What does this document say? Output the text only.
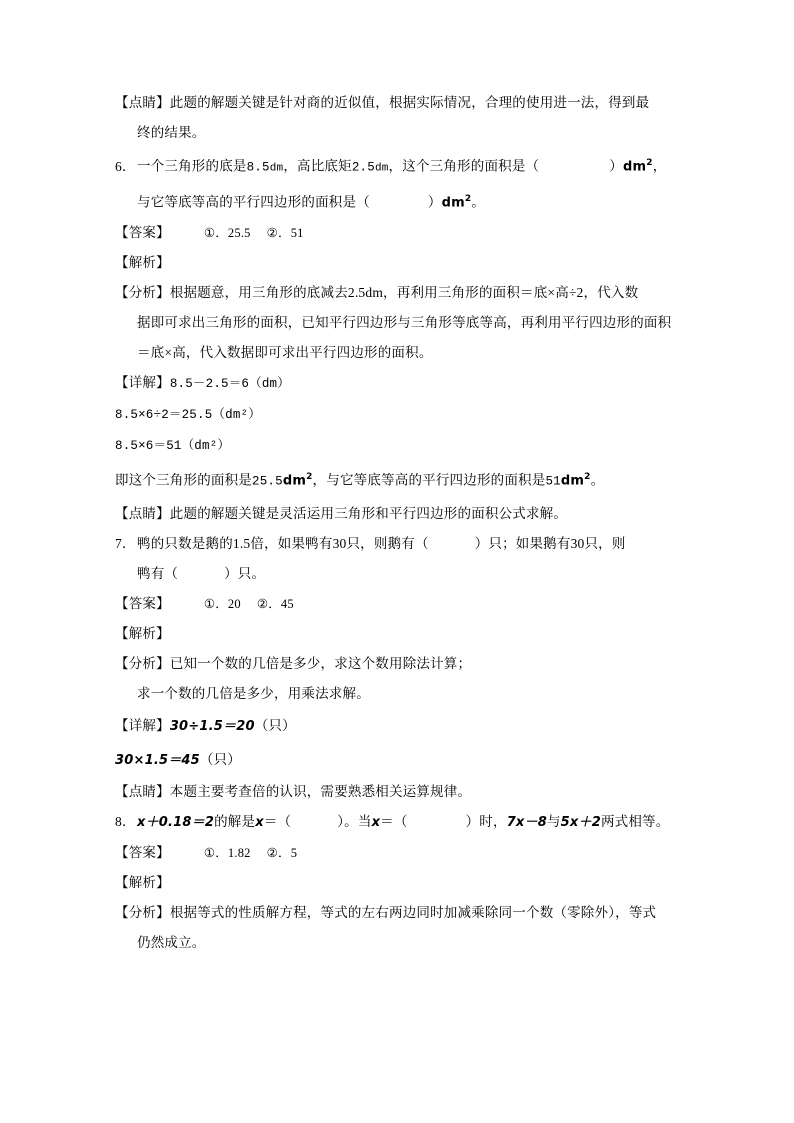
【点睛】此题的解题关键是针对商的近似值，根据实际情况，合理的使用进一法，得到最
终的结果。
6．一个三角形的底是8.5dm，高比底矩2.5dm，这个三角形的面积是（	）$dm^2$，
与它等底等高的平行四边形的面积是（	）$dm^2$。
【答案】	①．25.5 ②．51
【解析】
【分析】根据题意，用三角形的底减去2.5dm，再利用三角形的面积＝底×高÷2，代入数
据即可求出三角形的面积，已知平行四边形与三角形等底等高，再利用平行四边形的面积
＝底×高，代入数据即可求出平行四边形的面积。
【详解】8.5－2.5＝6（dm）
8.5×6÷2＝25.5（dm²）
8.5×6＝51（dm²）
即这个三角形的面积是$25.5dm^2$，与它等底等高的平行四边形的面积是$51dm^2$。
【点睛】此题的解题关键是灵活运用三角形和平行四边形的面积公式求解。
7．鸭的只数是鹅的1.5倍，如果鸭有30只，则鹅有（	）只；如果鹅有30只，则
鸭有（	）只。
【答案】	①．20 ②．45
【解析】
【分析】已知一个数的几倍是多少，求这个数用除法计算；
求一个数的几倍是多少，用乘法求解。
【详解】30÷1.5＝20（只）
30×1.5＝45（只）
【点睛】本题主要考查倍的认识，需要熟悉相关运算规律。
8．x＋0.18＝2的解是x＝（	）。当x＝（	）时，7x－8与5x＋2两式相等。
【答案】	①．1.82 ②．5
【解析】
【分析】根据等式的性质解方程，等式的左右两边同时加减乘除同一个数（零除外），等式
仍然成立。
